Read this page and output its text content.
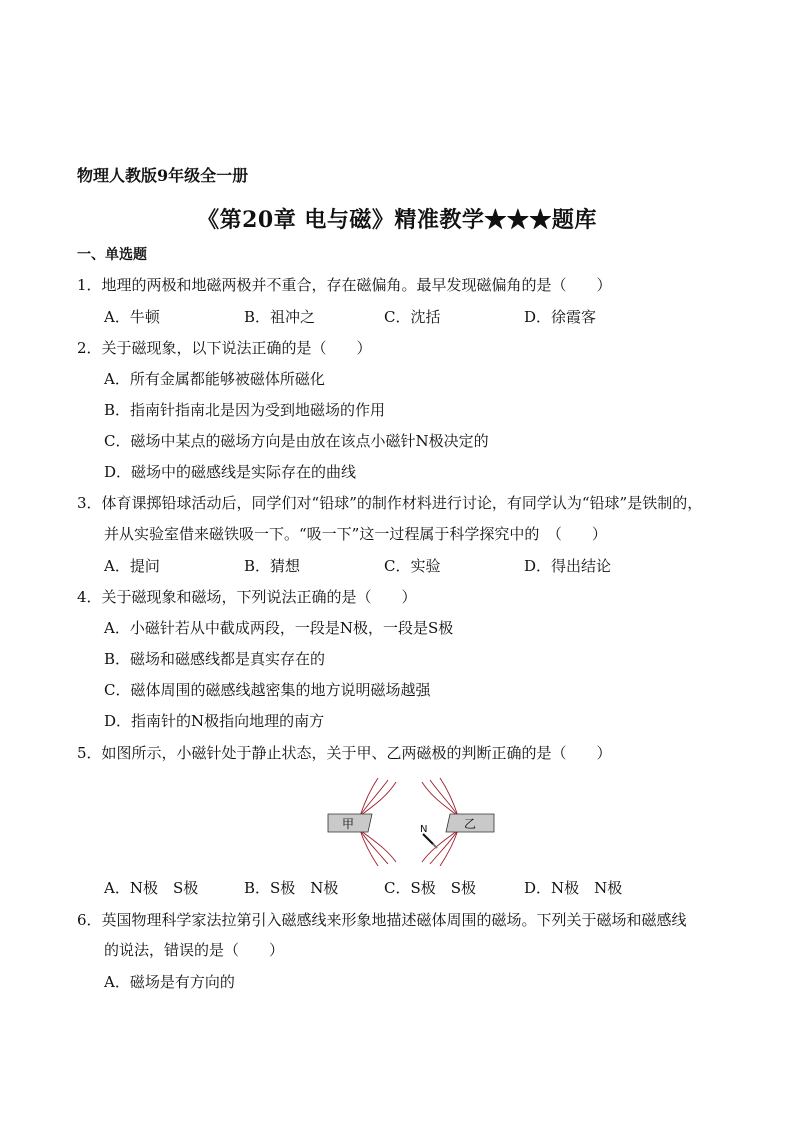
物理人教版9年级全一册
《第20章 电与磁》精准教学★★★题库
一、单选题
1．地理的两极和地磁两极并不重合，存在磁偏角。最早发现磁偏角的是（　　）
A．牛顿	B．祖冲之	C．沈括	D．徐霞客
2．关于磁现象，以下说法正确的是（　　）
A．所有金属都能够被磁体所磁化
B．指南针指南北是因为受到地磁场的作用
C．磁场中某点的磁场方向是由放在该点小磁针N极决定的
D．磁场中的磁感线是实际存在的曲线
3．体育课掷铅球活动后，同学们对“铅球”的制作材料进行讨论，有同学认为“铅球”是铁制的，
并从实验室借来磁铁吸一下。“吸一下”这一过程属于科学探究中的　（　　）
A．提问	B．猜想	C．实验	D．得出结论
4．关于磁现象和磁场，下列说法正确的是（　　）
A．小磁针若从中截成两段，一段是N极，一段是S极
B．磁场和磁感线都是真实存在的
C．磁体周围的磁感线越密集的地方说明磁场越强
D．指南针的N极指向地理的南方
5．如图所示，小磁针处于静止状态，关于甲、乙两磁极的判断正确的是（　　）
甲	乙
N
A．N极　S极	B．S极　N极	C．S极　S极	D．N极　N极
6．英国物理科学家法拉第引入磁感线来形象地描述磁体周围的磁场。下列关于磁场和磁感线
的说法，错误的是（　　）
A．磁场是有方向的
